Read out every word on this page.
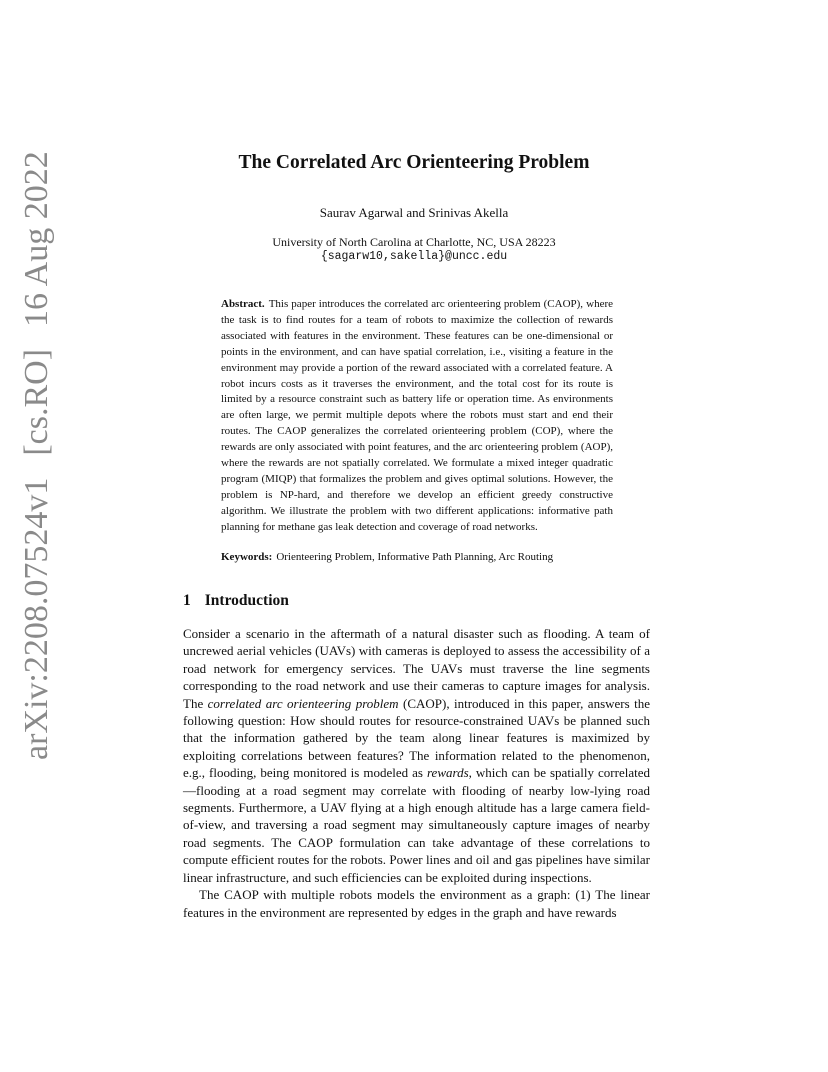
arXiv:2208.07524v1[cs.RO]16 Aug 2022	The Correlated Arc Orienteering Problem
Saurav Agarwal and Srinivas Akella
University of North Carolina at Charlotte, NC, USA 28223
{sagarw10,sakella}@uncc.edu
Abstract. This paper introduces the correlated arc orienteering problem (CAOP), where the task is to find routes for a team of robots to maximize the collection of rewards associated with features in the environment. These features can be one-dimensional or points in the environment, and can have spatial correlation, i.e., visiting a feature in the environment may provide a portion of the reward associated with a correlated feature. A robot incurs costs as it traverses the environment, and the total cost for its route is limited by a resource constraint such as battery life or operation time. As environments are often large, we permit multiple depots where the robots must start and end their routes. The CAOP generalizes the correlated orienteering problem (COP), where the rewards are only associated with point features, and the arc orienteering problem (AOP), where the rewards are not spatially correlated. We formulate a mixed integer quadratic program (MIQP) that formalizes the problem and gives optimal solutions. However, the problem is NP-hard, and therefore we develop an efficient greedy constructive algorithm. We illustrate the problem with two different applications: informative path planning for methane gas leak detection and coverage of road networks.
Keywords: Orienteering Problem, Informative Path Planning, Arc Routing
1 Introduction

Consider a scenario in the aftermath of a natural disaster such as flooding. A team of uncrewed aerial vehicles (UAVs) with cameras is deployed to assess the accessibility of a road network for emergency services. The UAVs must traverse the line segments corresponding to the road network and use their cameras to capture images for analysis. The correlated arc orienteering problem (CAOP), introduced in this paper, answers the following question: How should routes for resource-constrained UAVs be planned such that the information gathered by the team along linear features is maximized by exploiting correlations between features? The information related to the phenomenon, e.g., flooding, being monitored is modeled as rewards, which can be spatially correlated—flooding at a road segment may correlate with flooding of nearby low-lying road segments. Furthermore, a UAV flying at a high enough altitude has a large camera field-of-view, and traversing a road segment may simultaneously capture images of nearby road segments. The CAOP formulation can take advantage of these correlations to compute efficient routes for the robots. Power lines and oil and gas pipelines have similar linear infrastructure, and such efficiencies can be exploited during inspections.

The CAOP with multiple robots models the environment as a graph: (1) The linear features in the environment are represented by edges in the graph and have rewards
